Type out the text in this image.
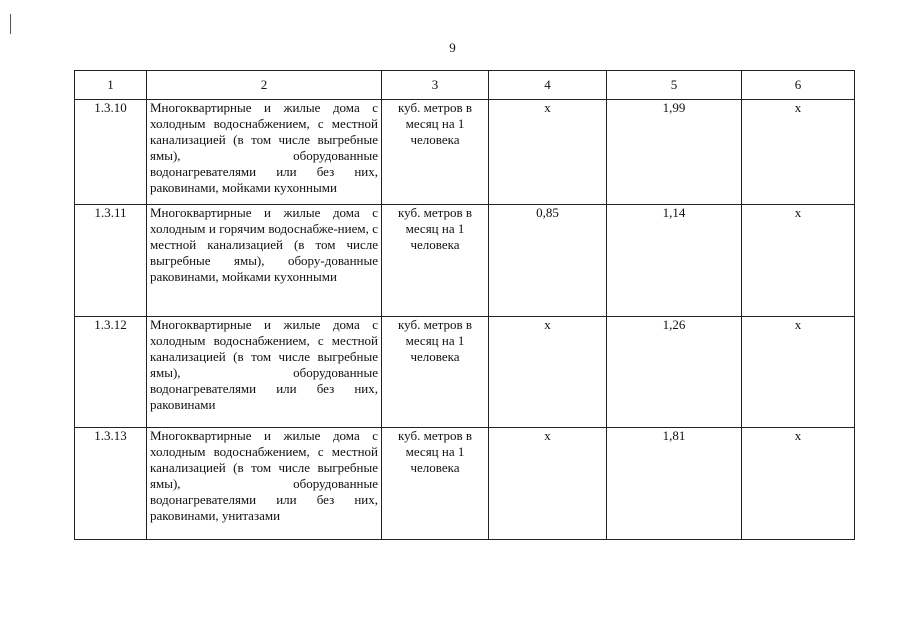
9
1	2	3	4	5	6
1.3.10	Многоквартирные и жилые дома с холодным водоснабжением, с местной канализацией (в том числе выгребные ямы), оборудованные водонагревателями или без них, раковинами, мойками кухонными	куб. метров в месяц на 1 человека	х	1,99	х
1.3.11	Многоквартирные и жилые дома с холодным и горячим водоснабже-нием, с местной канализацией (в том числе выгребные ямы), обору-дованные раковинами, мойками кухонными	куб. метров в месяц на 1 человека	0,85	1,14	х
1.3.12	Многоквартирные и жилые дома с холодным водоснабжением, с местной канализацией (в том числе выгребные ямы), оборудованные водонагревателями или без них, раковинами	куб. метров в месяц на 1 человека	х	1,26	х
1.3.13	Многоквартирные и жилые дома с холодным водоснабжением, с местной канализацией (в том числе выгребные ямы), оборудованные водонагревателями или без них, раковинами, унитазами	куб. метров в месяц на 1 человека	х	1,81	х
